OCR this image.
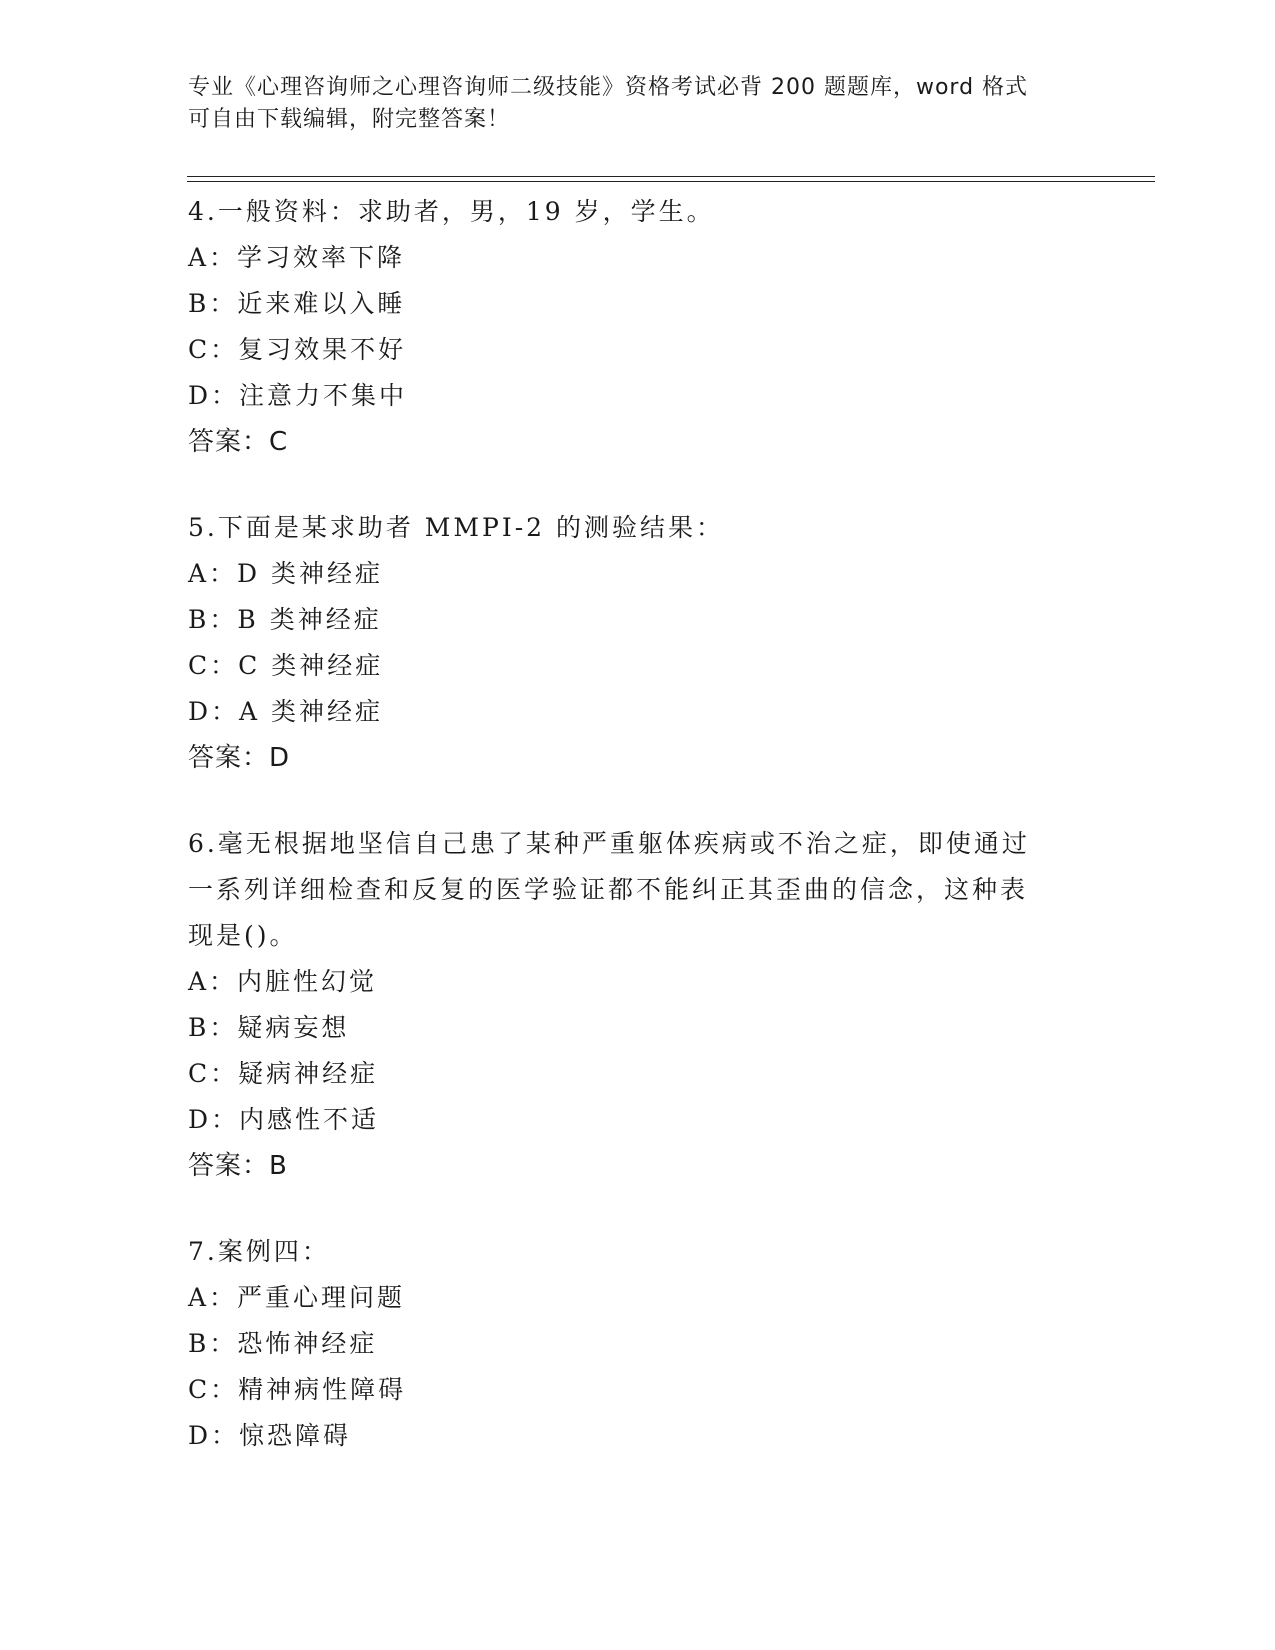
专业《心理咨询师之心理咨询师二级技能》资格考试必背 200 题题库，word 格式
可自由下载编辑，附完整答案！
4.一般资料：求助者，男，19 岁，学生。
A：学习效率下降
B：近来难以入睡
C：复习效果不好
D：注意力不集中
答案：C
5.下面是某求助者 MMPI-2 的测验结果：
A：D 类神经症
B：B 类神经症
C：C 类神经症
D：A 类神经症
答案：D
6.毫无根据地坚信自己患了某种严重躯体疾病或不治之症，即使通过
一系列详细检查和反复的医学验证都不能纠正其歪曲的信念，这种表
现是()。
A：内脏性幻觉
B：疑病妄想
C：疑病神经症
D：内感性不适
答案：B
7.案例四：
A：严重心理问题
B：恐怖神经症
C：精神病性障碍
D：惊恐障碍
